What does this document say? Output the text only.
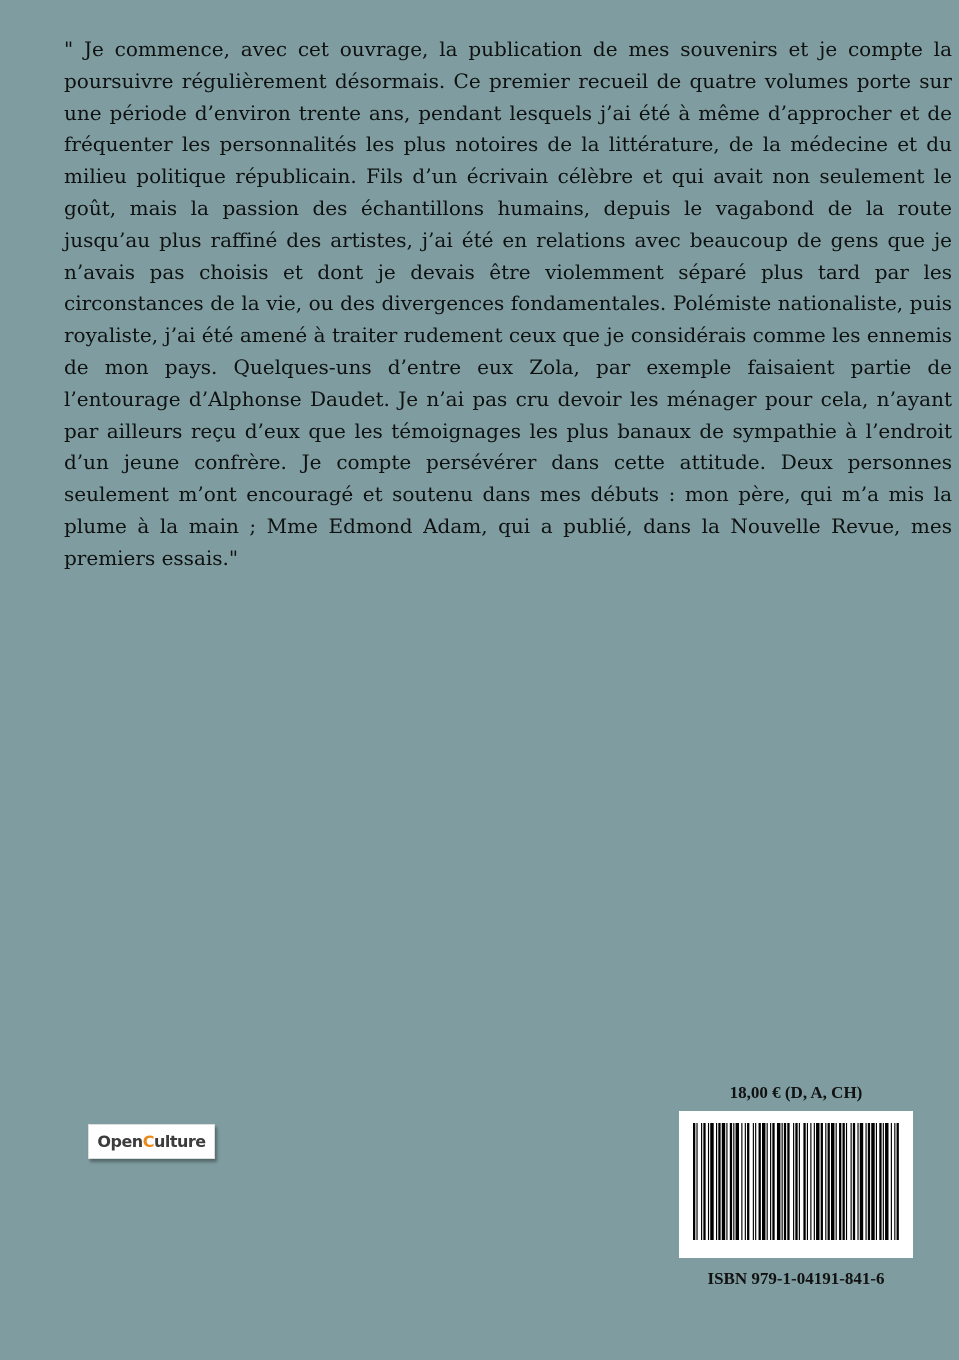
" Je commence, avec cet ouvrage, la publication de mes souvenirs et je compte la poursuivre régulièrement désormais. Ce premier recueil de quatre volumes porte sur une période d’environ trente ans, pendant lesquels j’ai été à même d’approcher et de fréquenter les personnalités les plus notoires de la littérature, de la médecine et du milieu politique républicain. Fils d’un écrivain célèbre et qui avait non seulement le goût, mais la passion des échantillons humains, depuis le vagabond de la route jusqu’au plus raffiné des artistes, j’ai été en relations avec beaucoup de gens que je n’avais pas choisis et dont je devais être violemment séparé plus tard par les circonstances de la vie, ou des divergences fondamentales. Polémiste nationaliste, puis royaliste, j’ai été amené à traiter rudement ceux que je considérais comme les ennemis de mon pays. Quelques-uns d’entre eux Zola, par exemple faisaient partie de l’entourage d’Alphonse Daudet. Je n’ai pas cru devoir les ménager pour cela, n’ayant par ailleurs reçu d’eux que les témoignages les plus banaux de sympathie à l’endroit d’un jeune confrère. Je compte persévérer dans cette attitude. Deux personnes seulement m’ont encouragé et soutenu dans mes débuts : mon père, qui m’a mis la plume à la main ; Mme Edmond Adam, qui a publié, dans la Nouvelle Revue, mes premiers essais."

Open C ulture
18,00 € (D, A, CH)
ISBN 979-1-04191-841-6
